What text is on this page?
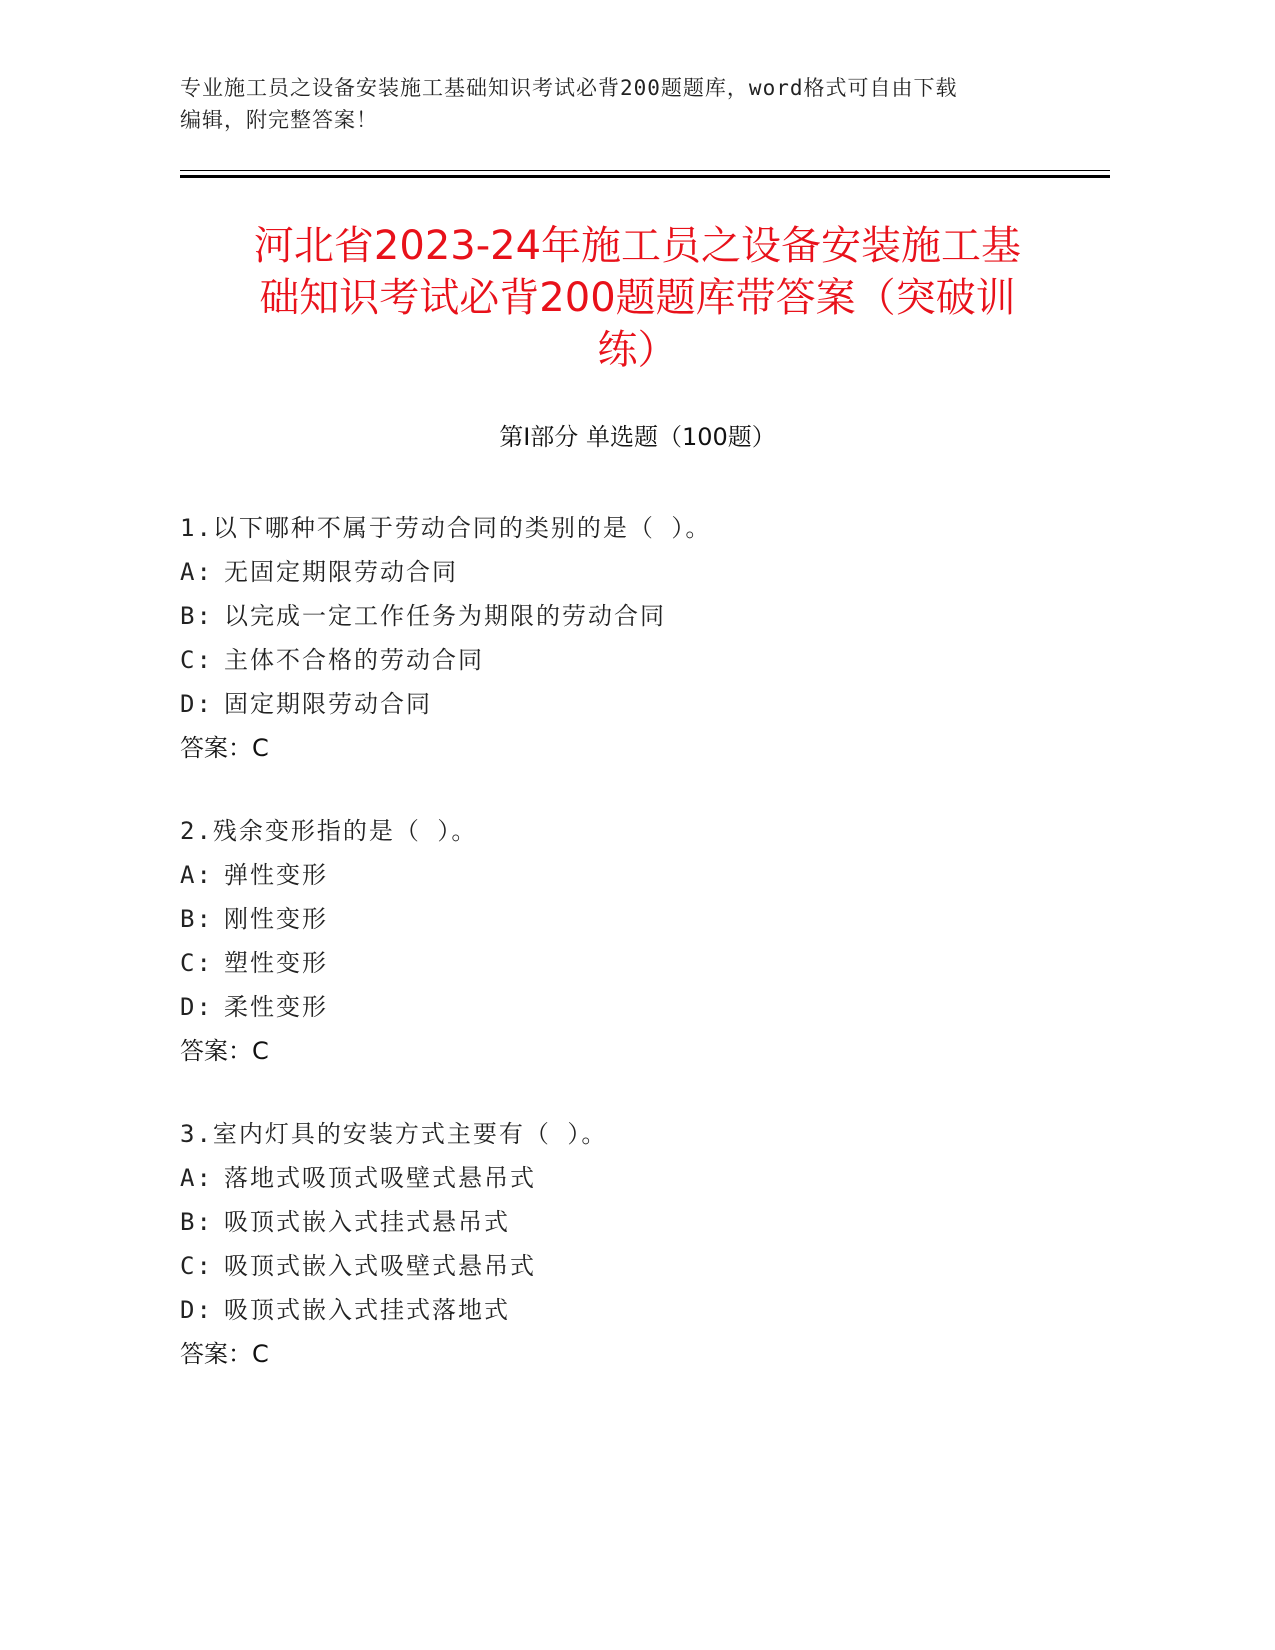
专业施工员之设备安装施工基础知识考试必背200题题库，word格式可自由下载
编辑，附完整答案！
河北省2023-24年施工员之设备安装施工基
础知识考试必背200题题库带答案（突破训
练）
第Ⅰ部分 单选题（100题）
1.以下哪种不属于劳动合同的类别的是（ ）。
A: 无固定期限劳动合同
B: 以完成一定工作任务为期限的劳动合同
C: 主体不合格的劳动合同
D: 固定期限劳动合同
答案：C
2.残余变形指的是（ ）。
A: 弹性变形
B: 刚性变形
C: 塑性变形
D: 柔性变形
答案：C
3.室内灯具的安装方式主要有（ ）。
A: 落地式吸顶式吸壁式悬吊式
B: 吸顶式嵌入式挂式悬吊式
C: 吸顶式嵌入式吸壁式悬吊式
D: 吸顶式嵌入式挂式落地式
答案：C
